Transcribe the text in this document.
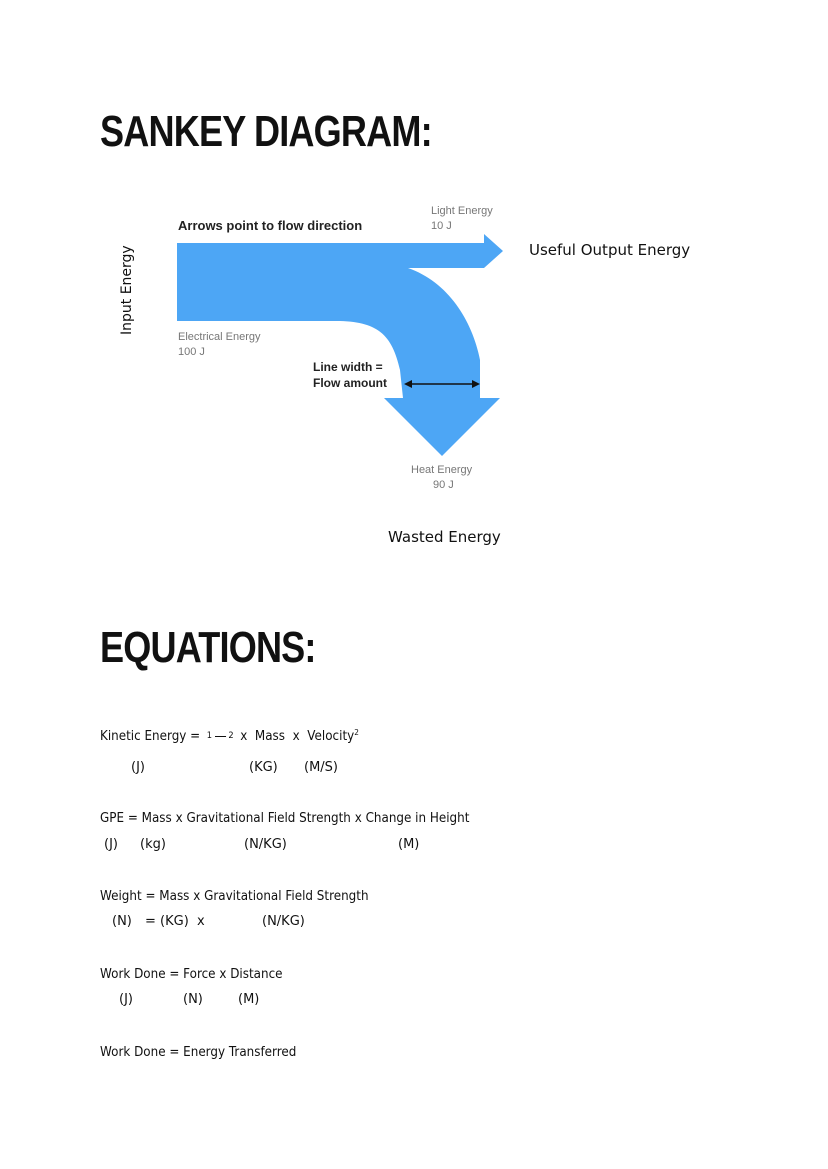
SANKEY DIAGRAM:
Arrows point to flow direction
Input Energy
Light Energy
10 J
Electrical Energy
100 J
Line width =
Flow amount
Heat Energy
90 J
Useful Output Energy
Wasted Energy
EQUATIONS:
Kinetic Energy = 1 2 x  Mass  x  Velocity$^2$
(J)	(KG) (M/S)
GPE = Mass x Gravitational Field Strength x Change in Height
(J) (kg)	(N/KG)	(M)
Weight = Mass x Gravitational Field Strength
(N) = (KG)  x	(N/KG)
Work Done = Force x Distance
(J)	(N)	(M)
Work Done = Energy Transferred
